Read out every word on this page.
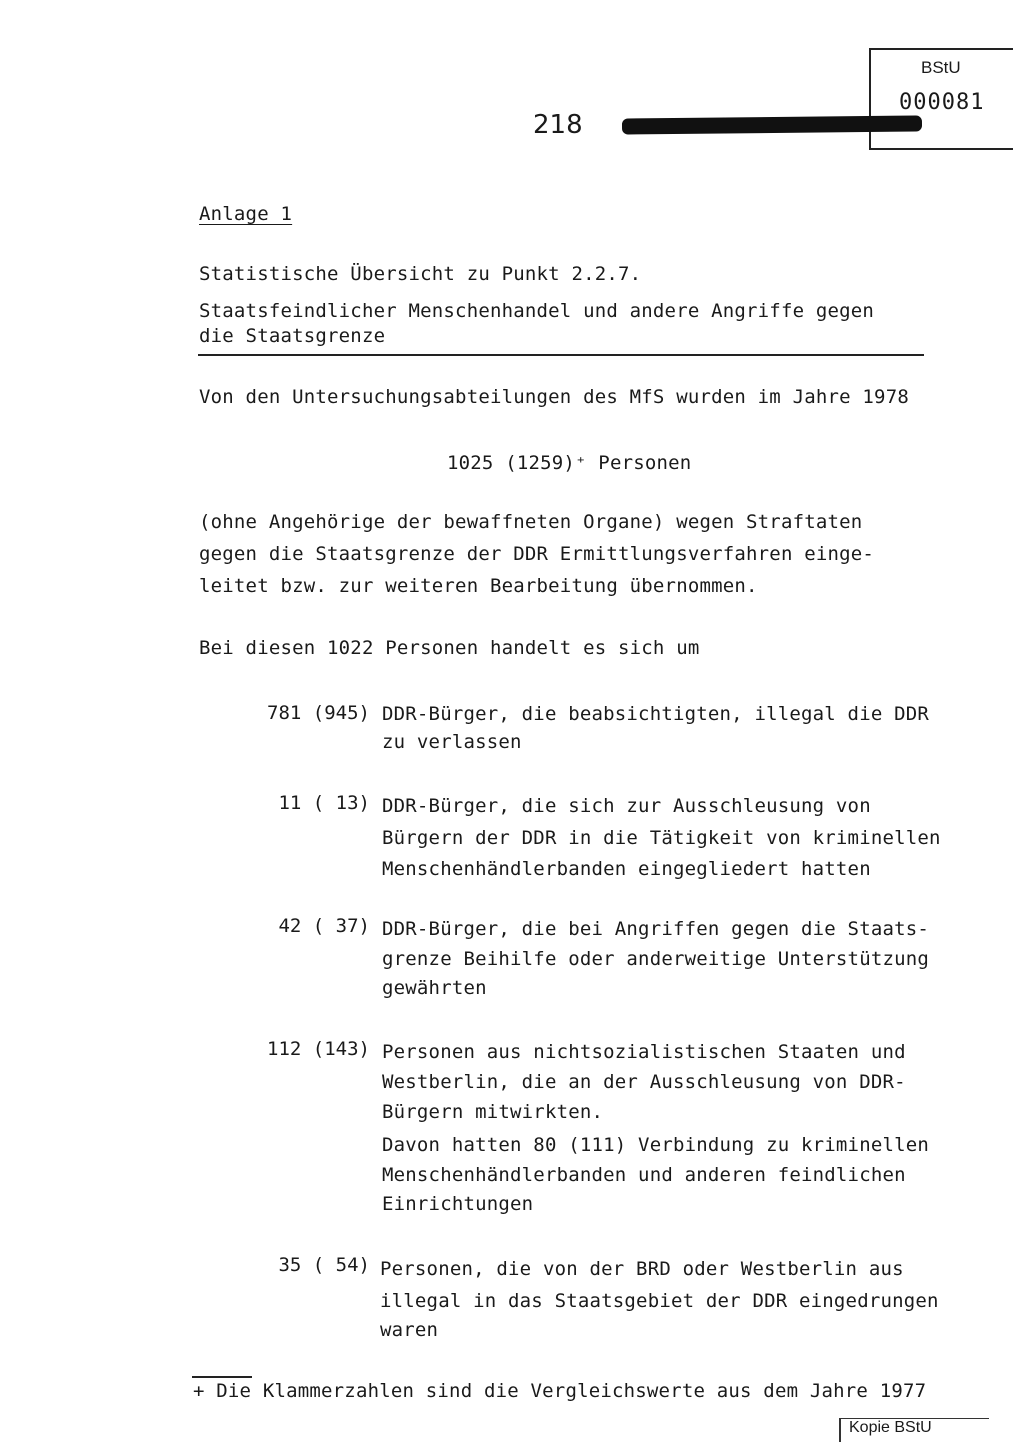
BStU
000081
218
Anlage 1
Statistische Übersicht zu Punkt 2.2.7.
Staatsfeindlicher Menschenhandel und andere Angriffe gegen
die Staatsgrenze
Von den Untersuchungsabteilungen des MfS wurden im Jahre 1978
1025 (1259)⁺ Personen
(ohne Angehörige der bewaffneten Organe) wegen Straftaten
gegen die Staatsgrenze der DDR Ermittlungsverfahren einge-
leitet bzw. zur weiteren Bearbeitung übernommen.
Bei diesen 1022 Personen handelt es sich um
781 (945) DDR-Bürger, die beabsichtigten, illegal die DDR
zu verlassen
11 ( 13) DDR-Bürger, die sich zur Ausschleusung von
Bürgern der DDR in die Tätigkeit von kriminellen
Menschenhändlerbanden eingegliedert hatten
42 ( 37) DDR-Bürger, die bei Angriffen gegen die Staats-
grenze Beihilfe oder anderweitige Unterstützung
gewährten
112 (143) Personen aus nichtsozialistischen Staaten und
Westberlin, die an der Ausschleusung von DDR-
Bürgern mitwirkten.
Davon hatten 80 (111) Verbindung zu kriminellen
Menschenhändlerbanden und anderen feindlichen
Einrichtungen
35 ( 54) Personen, die von der BRD oder Westberlin aus
illegal in das Staatsgebiet der DDR eingedrungen
waren
+ Die Klammerzahlen sind die Vergleichswerte aus dem Jahre 1977
Kopie BStU
